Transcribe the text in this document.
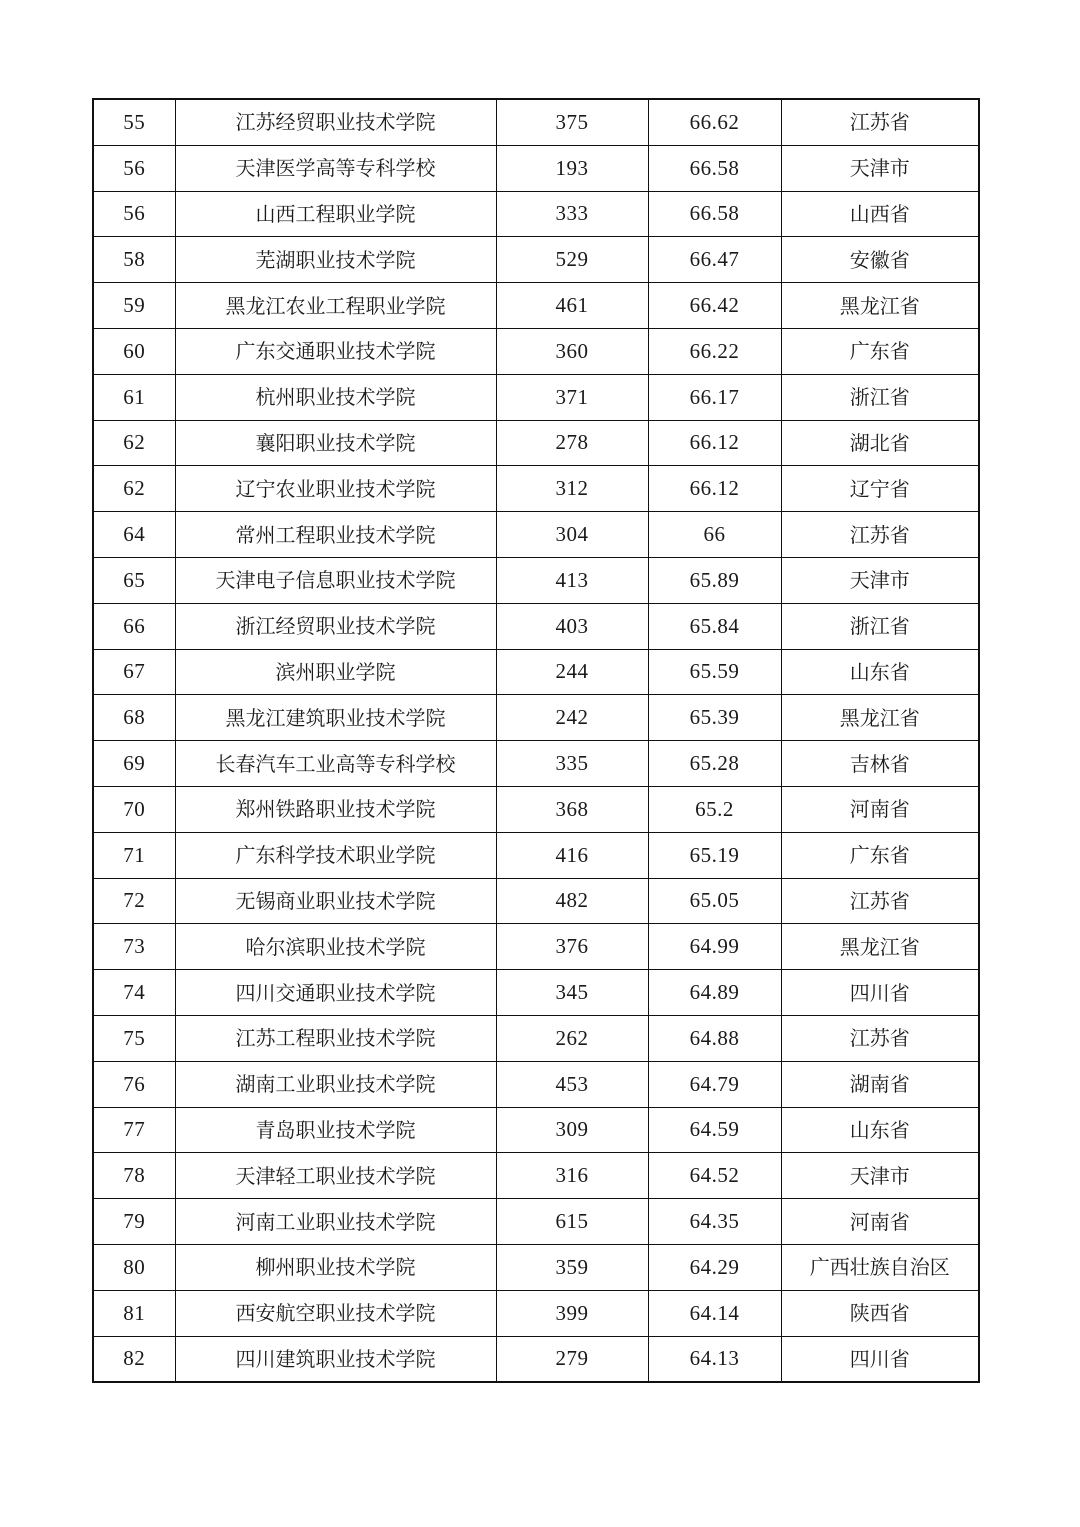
55	江苏经贸职业技术学院	375	66.62	江苏省
56	天津医学高等专科学校	193	66.58	天津市
56	山西工程职业学院	333	66.58	山西省
58	芜湖职业技术学院	529	66.47	安徽省
59	黑龙江农业工程职业学院	461	66.42	黑龙江省
60	广东交通职业技术学院	360	66.22	广东省
61	杭州职业技术学院	371	66.17	浙江省
62	襄阳职业技术学院	278	66.12	湖北省
62	辽宁农业职业技术学院	312	66.12	辽宁省
64	常州工程职业技术学院	304	66	江苏省
65	天津电子信息职业技术学院	413	65.89	天津市
66	浙江经贸职业技术学院	403	65.84	浙江省
67	滨州职业学院	244	65.59	山东省
68	黑龙江建筑职业技术学院	242	65.39	黑龙江省
69	长春汽车工业高等专科学校	335	65.28	吉林省
70	郑州铁路职业技术学院	368	65.2	河南省
71	广东科学技术职业学院	416	65.19	广东省
72	无锡商业职业技术学院	482	65.05	江苏省
73	哈尔滨职业技术学院	376	64.99	黑龙江省
74	四川交通职业技术学院	345	64.89	四川省
75	江苏工程职业技术学院	262	64.88	江苏省
76	湖南工业职业技术学院	453	64.79	湖南省
77	青岛职业技术学院	309	64.59	山东省
78	天津轻工职业技术学院	316	64.52	天津市
79	河南工业职业技术学院	615	64.35	河南省
80	柳州职业技术学院	359	64.29	广西壮族自治区
81	西安航空职业技术学院	399	64.14	陕西省
82	四川建筑职业技术学院	279	64.13	四川省
